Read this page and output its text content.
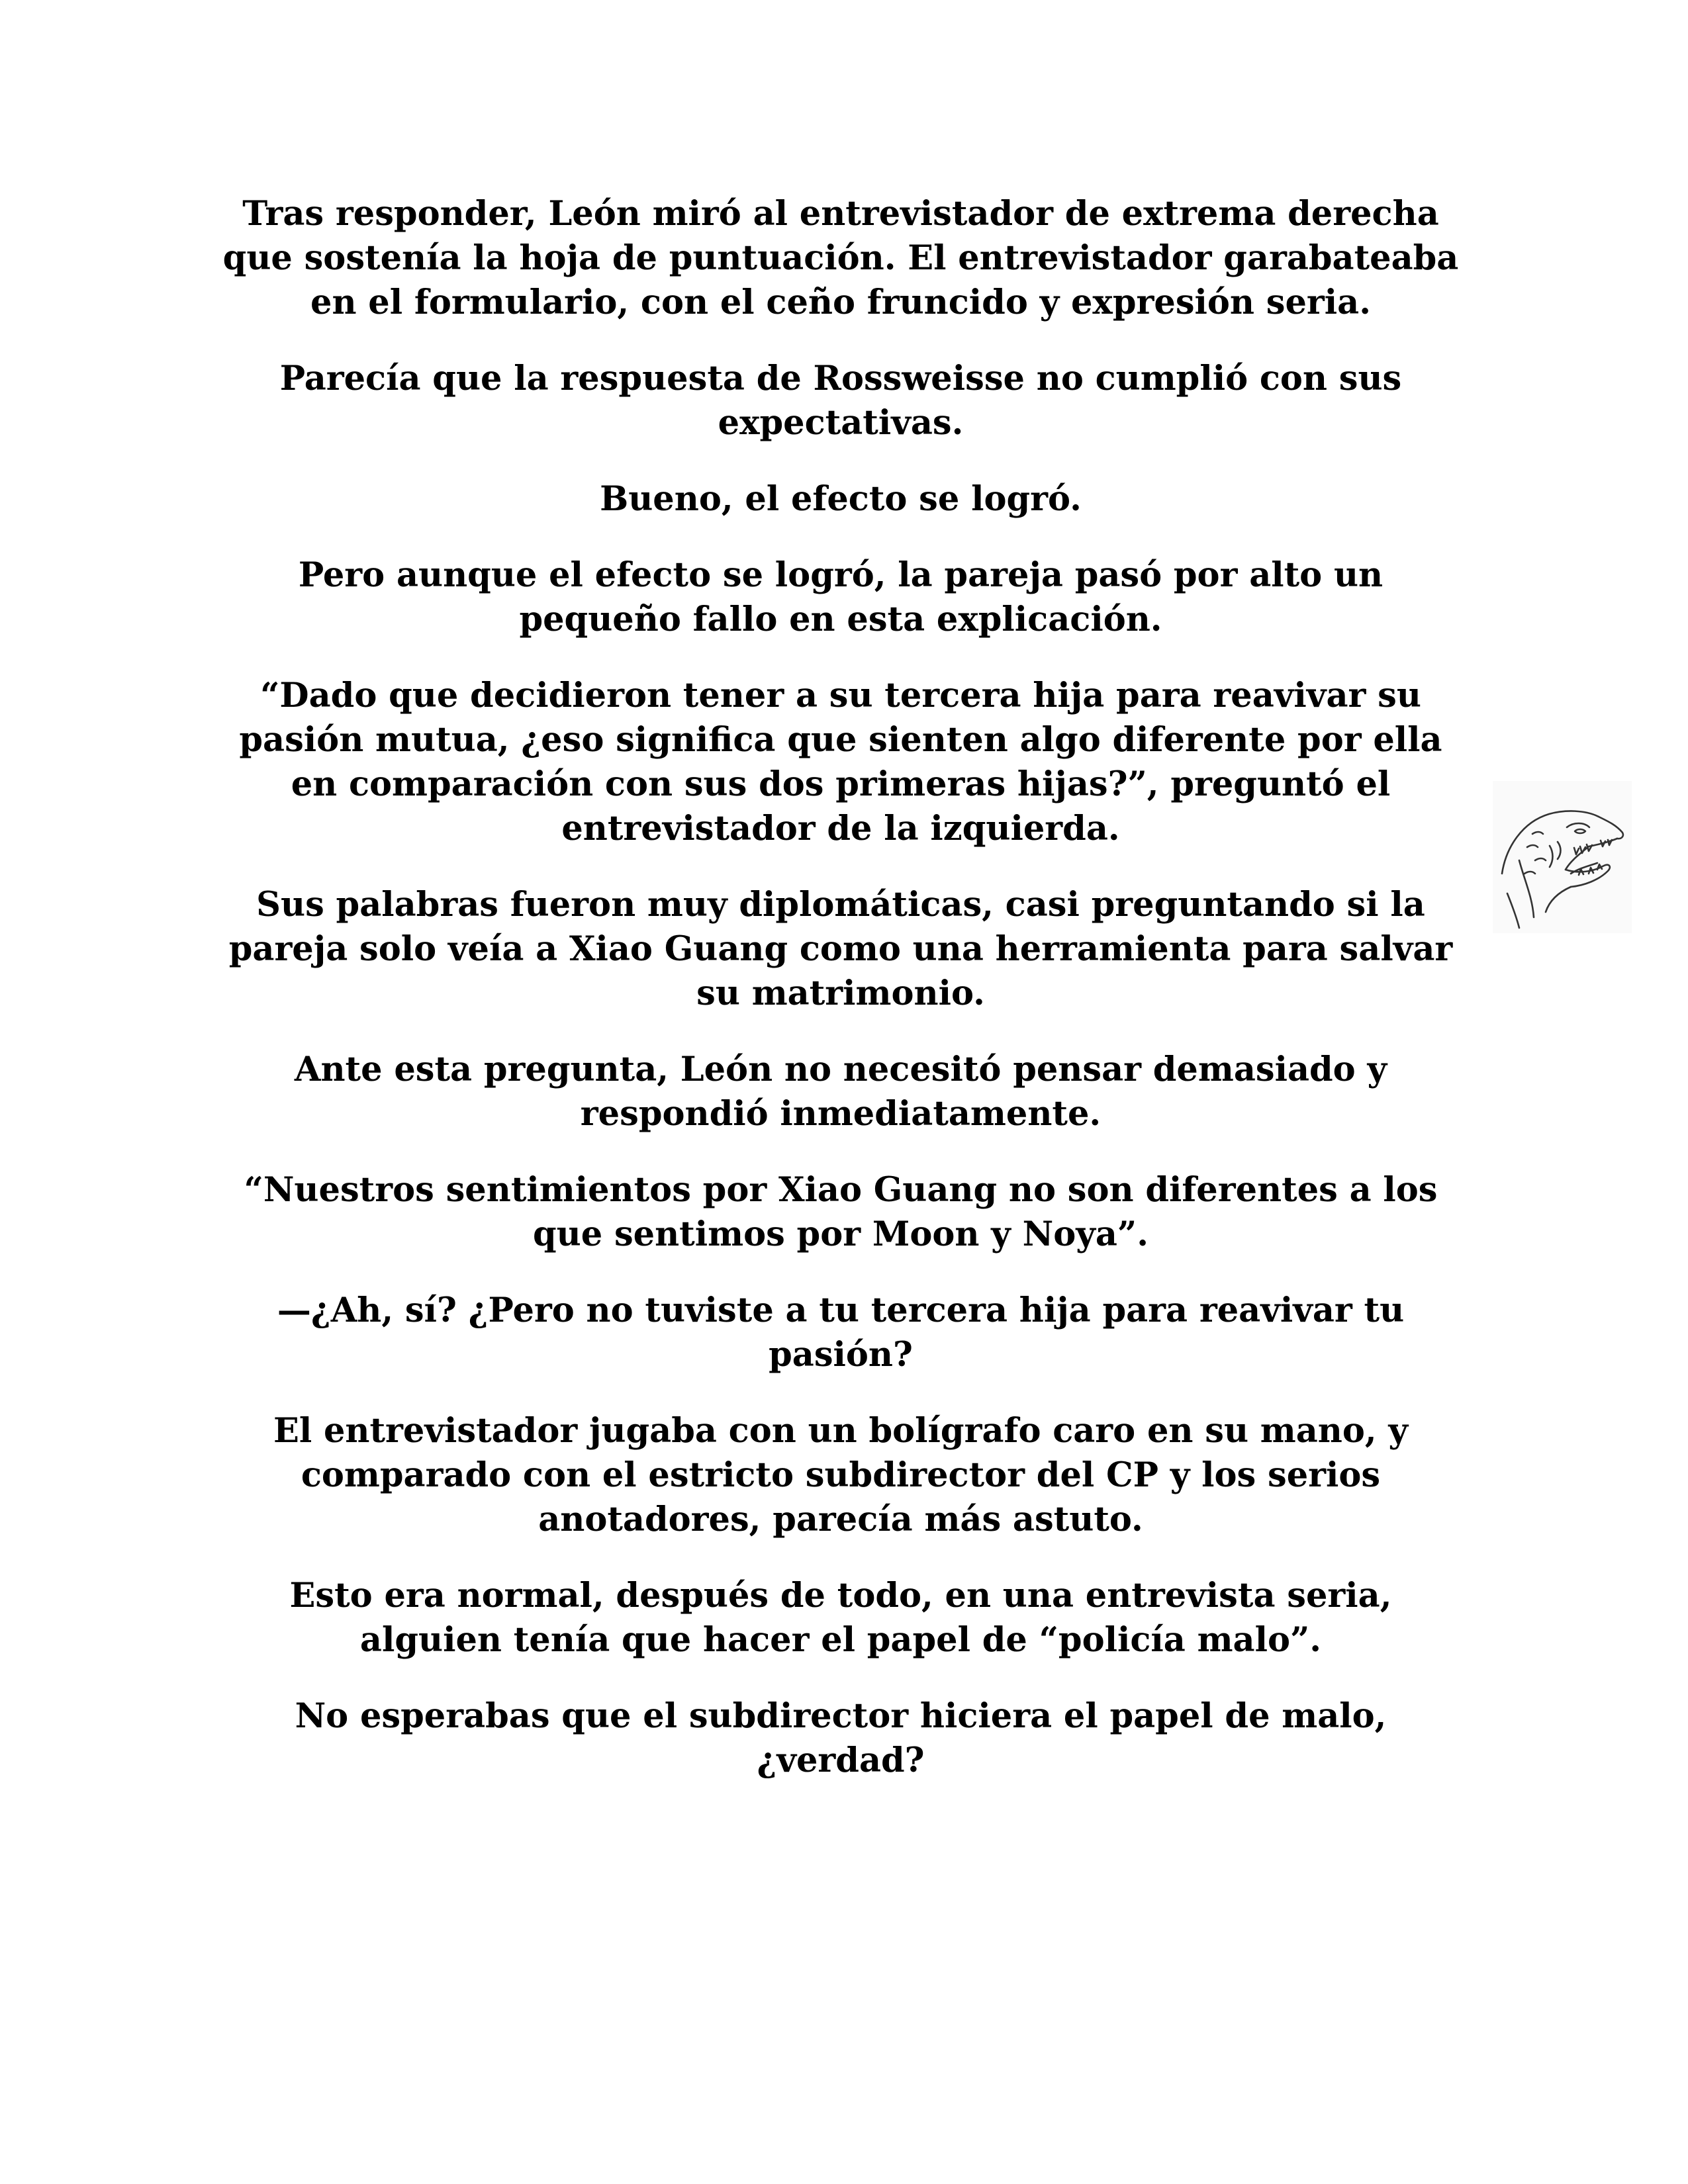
Tras responder, León miró al entrevistador de extrema derecha que sostenía la hoja de puntuación. El entrevistador garabateaba en el formulario, con el ceño fruncido y expresión seria.

Parecía que la respuesta de Rossweisse no cumplió con sus expectativas.

Bueno, el efecto se logró.

Pero aunque el efecto se logró, la pareja pasó por alto un pequeño fallo en esta explicación.

“Dado que decidieron tener a su tercera hija para reavivar su pasión mutua, ¿eso significa que sienten algo diferente por ella en comparación con sus dos primeras hijas?”, preguntó el entrevistador de la izquierda.

Sus palabras fueron muy diplomáticas, casi preguntando si la pareja solo veía a Xiao Guang como una herramienta para salvar su matrimonio.

Ante esta pregunta, León no necesitó pensar demasiado y respondió inmediatamente.

“Nuestros sentimientos por Xiao Guang no son diferentes a los que sentimos por Moon y Noya”.

—¿Ah, sí? ¿Pero no tuviste a tu tercera hija para reavivar tu pasión?

El entrevistador jugaba con un bolígrafo caro en su mano, y comparado con el estricto subdirector del CP y los serios anotadores, parecía más astuto.

Esto era normal, después de todo, en una entrevista seria, alguien tenía que hacer el papel de “policía malo”.

No esperabas que el subdirector hiciera el papel de malo, ¿verdad?
